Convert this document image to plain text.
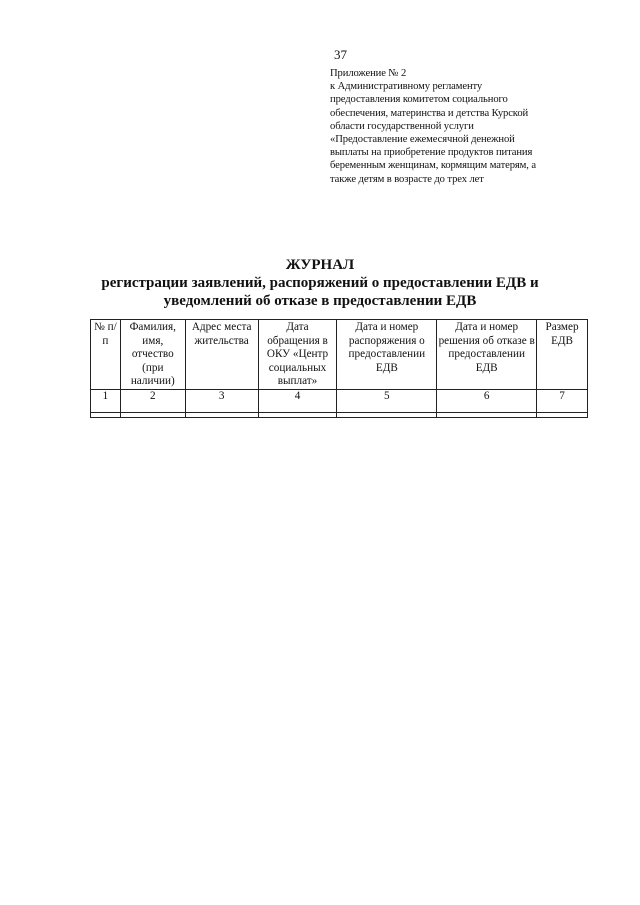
37
Приложение № 2
к Административному регламенту
предоставления комитетом социального
обеспечения, материнства и детства Курской
области государственной услуги
«Предоставление ежемесячной денежной
выплаты на приобретение продуктов питания
беременным женщинам, кормящим матерям, а
также детям в возрасте до трех лет
ЖУРНАЛ
регистрации заявлений, распоряжений о предоставлении ЕДВ и
уведомлений об отказе в предоставлении ЕДВ
№ п/п	Фамилия, имя, отчество (при наличии)	Адрес места жительства	Дата обращения в ОКУ «Центр социальных выплат»	Дата и номер распоряжения о предоставлении ЕДВ	Дата и номер решения об отказе в предоставлении ЕДВ	Размер ЕДВ
1	2	3	4	5	6	7
